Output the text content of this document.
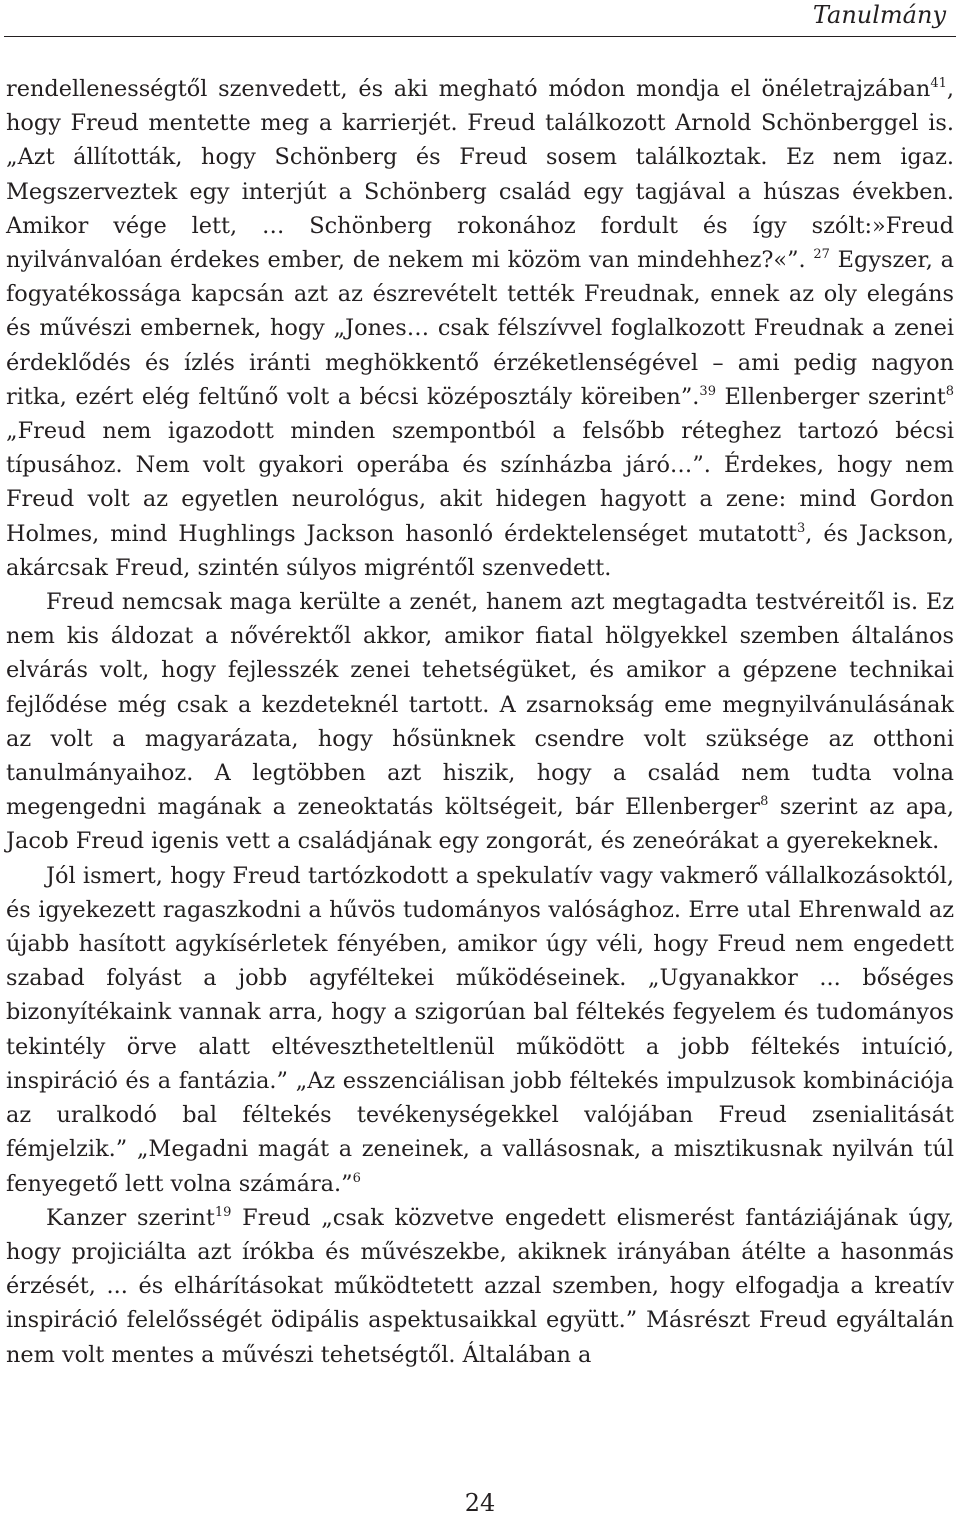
Tanulmány

rendellenességtől szenvedett, és aki megható módon mondja el önéletrajzában$^{41}$, hogy Freud mentette meg a karrierjét. Freud találkozott Arnold Schönberggel is. „Azt állították, hogy Schönberg és Freud sosem találkoztak. Ez nem igaz. Megszerveztek egy interjút a Schönberg család egy tagjával a húszas években. Amikor vége lett, … Schönberg rokonához fordult és így szólt:»Freud nyilvánvalóan érdekes ember, de nekem mi közöm van mindehhez?«”. $^{27}$ Egyszer, a fogyatékossága kapcsán azt az észrevételt tették Freudnak, ennek az oly elegáns és művészi embernek, hogy „Jones… csak félszívvel foglalkozott Freudnak a zenei érdeklődés és ízlés iránti meghökkentő érzéketlenségével – ami pedig nagyon ritka, ezért elég feltűnő volt a bécsi középosztály köreiben”.$^{39}$ Ellenberger szerint$^8$ „Freud nem igazodott minden szempontból a felsőbb réteghez tartozó bécsi típusához. Nem volt gyakori operába és színházba járó…”. Érdekes, hogy nem Freud volt az egyetlen neurológus, akit hidegen hagyott a zene: mind Gordon Holmes, mind Hughlings Jackson hasonló érdektelenséget mutatott$^3$, és Jackson, akárcsak Freud, szintén súlyos migréntől szenvedett.

Freud nemcsak maga kerülte a zenét, hanem azt megtagadta testvéreitől is. Ez nem kis áldozat a nővérektől akkor, amikor fiatal hölgyekkel szemben általános elvárás volt, hogy fejlesszék zenei tehetségüket, és amikor a gépzene technikai fejlődése még csak a kezdeteknél tartott. A zsarnokság eme megnyilvánulásának az volt a magyarázata, hogy hősünknek csendre volt szüksége az otthoni tanulmányaihoz. A legtöbben azt hiszik, hogy a család nem tudta volna megengedni magának a zeneoktatás költségeit, bár Ellenberger$^8$ szerint az apa, Jacob Freud igenis vett a családjának egy zongorát, és zeneórákat a gyerekeknek.

Jól ismert, hogy Freud tartózkodott a spekulatív vagy vakmerő vállalkozásoktól, és igyekezett ragaszkodni a hűvös tudományos valósághoz. Erre utal Ehrenwald az újabb hasított agykísérletek fényében, amikor úgy véli, hogy Freud nem engedett szabad folyást a jobb agyféltekei működéseinek. „Ugyanakkor ... bőséges bizonyítékaink vannak arra, hogy a szigorúan bal féltekés fegyelem és tudományos tekintély örve alatt eltévesztheteltlenül működött a jobb féltekés intuíció, inspiráció és a fantázia.” „Az esszenciálisan jobb féltekés impulzusok kombinációja az uralkodó bal féltekés tevékenységekkel valójában Freud zsenialitását fémjelzik.” „Megadni magát a zeneinek, a vallásosnak, a misztikusnak nyilván túl fenyegető lett volna számára.”$^6$

Kanzer szerint$^{19}$ Freud „csak közvetve engedett elismerést fantáziájának úgy, hogy projiciálta azt írókba és művészekbe, akiknek irányában átélte a hasonmás érzését, ... és elhárításokat működtetett azzal szemben, hogy elfogadja a kreatív inspiráció felelősségét ödipális aspektusaikkal együtt.” Másrészt Freud egyáltalán nem volt mentes a művészi tehetségtől. Általában a

24
